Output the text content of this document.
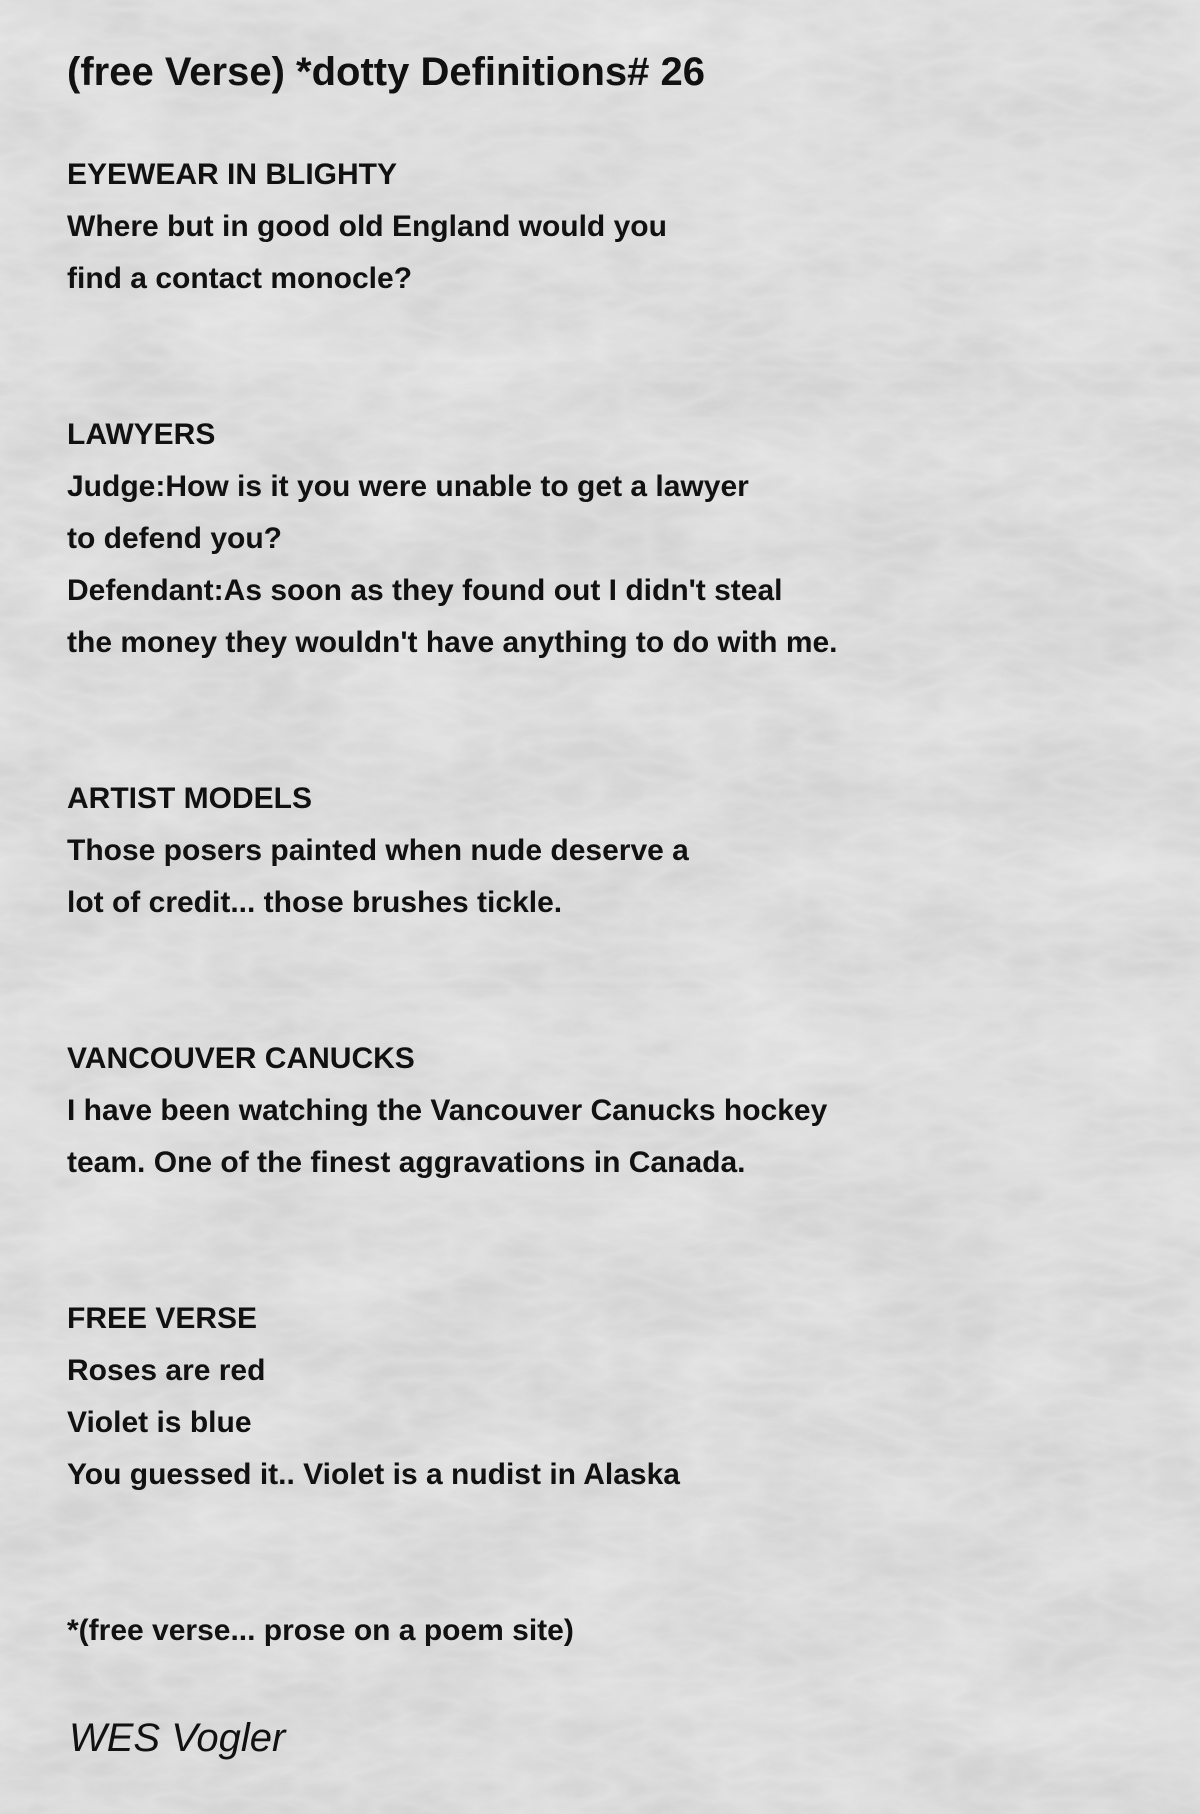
(free Verse) *dotty Definitions# 26
EYEWEAR IN BLIGHTY
Where but in good old England would you
find a contact monocle?
LAWYERS
Judge:How is it you were unable to get a lawyer
to defend you?
Defendant:As soon as they found out I didn't steal
the money they wouldn't have anything to do with me.
ARTIST MODELS
Those posers painted when nude deserve a
lot of credit... those brushes tickle.
VANCOUVER CANUCKS
I have been watching the Vancouver Canucks hockey
team. One of the finest aggravations in Canada.
FREE VERSE
Roses are red
Violet is blue
You guessed it.. Violet is a nudist in Alaska
*(free verse... prose on a poem site)
WES Vogler
